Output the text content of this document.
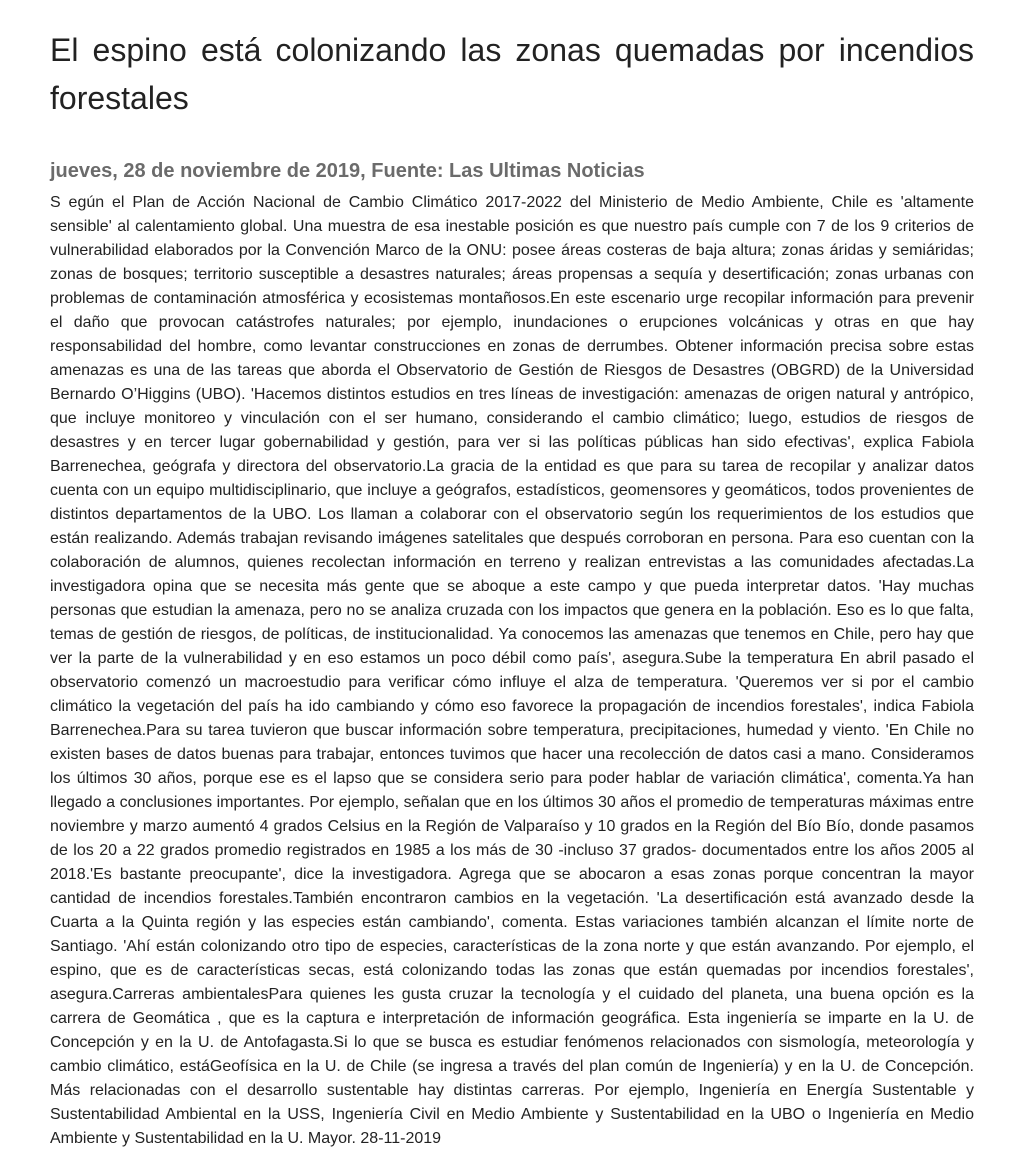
El espino está colonizando las zonas quemadas por incendios forestales
jueves, 28 de noviembre de 2019, Fuente: Las Ultimas Noticias

S egún el Plan de Acción Nacional de Cambio Climático 2017-2022 del Ministerio de Medio Ambiente, Chile es 'altamente sensible' al calentamiento global. Una muestra de esa inestable posición es que nuestro país cumple con 7 de los 9 criterios de vulnerabilidad elaborados por la Convención Marco de la ONU: posee áreas costeras de baja altura; zonas áridas y semiáridas; zonas de bosques; territorio susceptible a desastres naturales; áreas propensas a sequía y desertificación; zonas urbanas con problemas de contaminación atmosférica y ecosistemas montañosos.En este escenario urge recopilar información para prevenir el daño que provocan catástrofes naturales; por ejemplo, inundaciones o erupciones volcánicas y otras en que hay responsabilidad del hombre, como levantar construcciones en zonas de derrumbes. Obtener información precisa sobre estas amenazas es una de las tareas que aborda el Observatorio de Gestión de Riesgos de Desastres (OBGRD) de la Universidad Bernardo O’Higgins (UBO). 'Hacemos distintos estudios en tres líneas de investigación: amenazas de origen natural y antrópico, que incluye monitoreo y vinculación con el ser humano, considerando el cambio climático; luego, estudios de riesgos de desastres y en tercer lugar gobernabilidad y gestión, para ver si las políticas públicas han sido efectivas', explica Fabiola Barrenechea, geógrafa y directora del observatorio.La gracia de la entidad es que para su tarea de recopilar y analizar datos cuenta con un equipo multidisciplinario, que incluye a geógrafos, estadísticos, geomensores y geomáticos, todos provenientes de distintos departamentos de la UBO. Los llaman a colaborar con el observatorio según los requerimientos de los estudios que están realizando. Además trabajan revisando imágenes satelitales que después corroboran en persona. Para eso cuentan con la colaboración de alumnos, quienes recolectan información en terreno y realizan entrevistas a las comunidades afectadas.La investigadora opina que se necesita más gente que se aboque a este campo y que pueda interpretar datos. 'Hay muchas personas que estudian la amenaza, pero no se analiza cruzada con los impactos que genera en la población. Eso es lo que falta, temas de gestión de riesgos, de políticas, de institucionalidad. Ya conocemos las amenazas que tenemos en Chile, pero hay que ver la parte de la vulnerabilidad y en eso estamos un poco débil como país', asegura.Sube la temperatura En abril pasado el observatorio comenzó un macroestudio para verificar cómo influye el alza de temperatura. 'Queremos ver si por el cambio climático la vegetación del país ha ido cambiando y cómo eso favorece la propagación de incendios forestales', indica Fabiola Barrenechea.Para su tarea tuvieron que buscar información sobre temperatura, precipitaciones, humedad y viento. 'En Chile no existen bases de datos buenas para trabajar, entonces tuvimos que hacer una recolección de datos casi a mano. Consideramos los últimos 30 años, porque ese es el lapso que se considera serio para poder hablar de variación climática', comenta.Ya han llegado a conclusiones importantes. Por ejemplo, señalan que en los últimos 30 años el promedio de temperaturas máximas entre noviembre y marzo aumentó 4 grados Celsius en la Región de Valparaíso y 10 grados en la Región del Bío Bío, donde pasamos de los 20 a 22 grados promedio registrados en 1985 a los más de 30 -incluso 37 grados- documentados entre los años 2005 al 2018.'Es bastante preocupante', dice la investigadora. Agrega que se abocaron a esas zonas porque concentran la mayor cantidad de incendios forestales.También encontraron cambios en la vegetación. 'La desertificación está avanzado desde la Cuarta a la Quinta región y las especies están cambiando', comenta. Estas variaciones también alcanzan el límite norte de Santiago. 'Ahí están colonizando otro tipo de especies, características de la zona norte y que están avanzando. Por ejemplo, el espino, que es de características secas, está colonizando todas las zonas que están quemadas por incendios forestales', asegura.Carreras ambientalesPara quienes les gusta cruzar la tecnología y el cuidado del planeta, una buena opción es la carrera de Geomática , que es la captura e interpretación de información geográfica. Esta ingeniería se imparte en la U. de Concepción y en la U. de Antofagasta.Si lo que se busca es estudiar fenómenos relacionados con sismología, meteorología y cambio climático, estáGeofísica en la U. de Chile (se ingresa a través del plan común de Ingeniería) y en la U. de Concepción. Más relacionadas con el desarrollo sustentable hay distintas carreras. Por ejemplo, Ingeniería en Energía Sustentable y Sustentabilidad Ambiental en la USS, Ingeniería Civil en Medio Ambiente y Sustentabilidad en la UBO o Ingeniería en Medio Ambiente y Sustentabilidad en la U. Mayor. 28-11-2019
